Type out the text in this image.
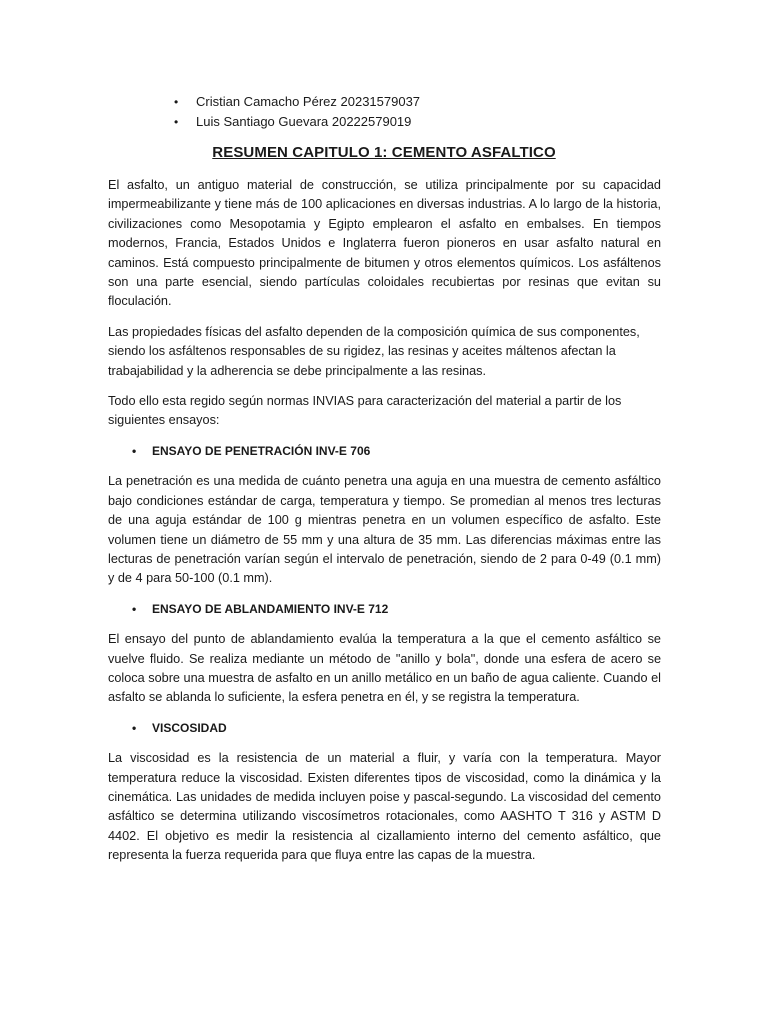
• Cristian Camacho Pérez 20231579037
• Luis Santiago Guevara 20222579019
RESUMEN CAPITULO 1: CEMENTO ASFALTICO

El asfalto, un antiguo material de construcción, se utiliza principalmente por su capacidad impermeabilizante y tiene más de 100 aplicaciones en diversas industrias. A lo largo de la historia, civilizaciones como Mesopotamia y Egipto emplearon el asfalto en embalses. En tiempos modernos, Francia, Estados Unidos e Inglaterra fueron pioneros en usar asfalto natural en caminos. Está compuesto principalmente de bitumen y otros elementos químicos. Los asfáltenos son una parte esencial, siendo partículas coloidales recubiertas por resinas que evitan su floculación.

Las propiedades físicas del asfalto dependen de la composición química de sus componentes, siendo los asfáltenos responsables de su rigidez, las resinas y aceites máltenos afectan la trabajabilidad y la adherencia se debe principalmente a las resinas.

Todo ello esta regido según normas INVIAS para caracterización del material a partir de los siguientes ensayos:

• ENSAYO DE PENETRACIÓN INV-E 706

La penetración es una medida de cuánto penetra una aguja en una muestra de cemento asfáltico bajo condiciones estándar de carga, temperatura y tiempo. Se promedian al menos tres lecturas de una aguja estándar de 100 g mientras penetra en un volumen específico de asfalto. Este volumen tiene un diámetro de 55 mm y una altura de 35 mm. Las diferencias máximas entre las lecturas de penetración varían según el intervalo de penetración, siendo de 2 para 0-49 (0.1 mm) y de 4 para 50-100 (0.1 mm).

• ENSAYO DE ABLANDAMIENTO INV-E 712

El ensayo del punto de ablandamiento evalúa la temperatura a la que el cemento asfáltico se vuelve fluido. Se realiza mediante un método de "anillo y bola", donde una esfera de acero se coloca sobre una muestra de asfalto en un anillo metálico en un baño de agua caliente. Cuando el asfalto se ablanda lo suficiente, la esfera penetra en él, y se registra la temperatura.

• VISCOSIDAD

La viscosidad es la resistencia de un material a fluir, y varía con la temperatura. Mayor temperatura reduce la viscosidad. Existen diferentes tipos de viscosidad, como la dinámica y la cinemática. Las unidades de medida incluyen poise y pascal-segundo. La viscosidad del cemento asfáltico se determina utilizando viscosímetros rotacionales, como AASHTO T 316 y ASTM D 4402. El objetivo es medir la resistencia al cizallamiento interno del cemento asfáltico, que representa la fuerza requerida para que fluya entre las capas de la muestra.
